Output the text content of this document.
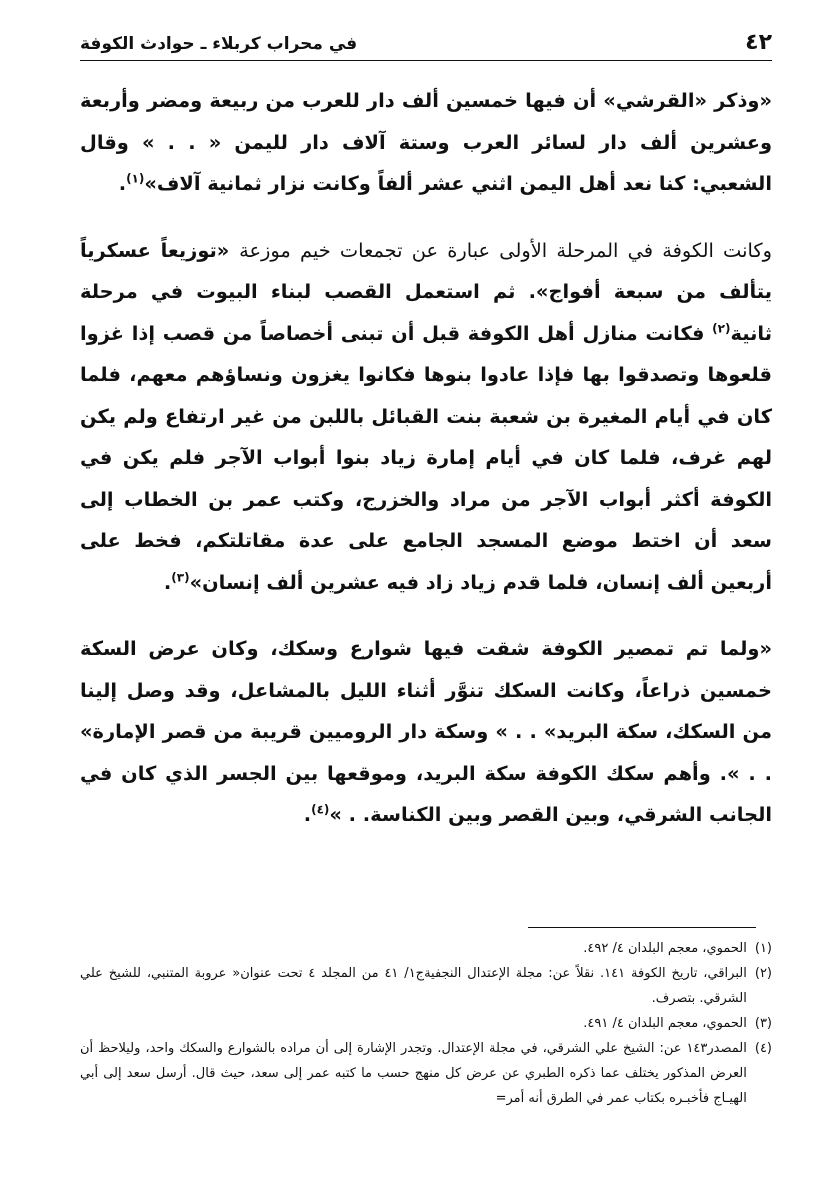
٤٢
في محراب كربلاء ـ حوادث الكوفة

«وذكر «القرشي» أن فيها خمسين ألف دار للعرب من ربيعة ومضر وأربعة وعشرين ألف دار لسائر العرب وستة آلاف دار لليمن « . . » وقال الشعبي: كنا نعد أهل اليمن اثني عشر ألفاً وكانت نزار ثمانية آلاف»$^{(١)}$.

وكانت الكوفة في المرحلة الأولى عبارة عن تجمعات خيم موزعة «توزيعاً عسكرياً يتألف من سبعة أفواج». ثم استعمل القصب لبناء البيوت في مرحلة ثانية$^{(٢)}$ فكانت منازل أهل الكوفة قبل أن تبنى أخصاصاً من قصب إذا غزوا قلعوها وتصدقوا بها فإذا عادوا بنوها فكانوا يغزون ونساؤهم معهم، فلما كان في أيام المغيرة بن شعبة بنت القبائل باللبن من غير ارتفاع ولم يكن لهم غرف، فلما كان في أيام إمارة زياد بنوا أبواب الآجر فلم يكن في الكوفة أكثر أبواب الآجر من مراد والخزرج، وكتب عمر بن الخطاب إلى سعد أن اختط موضع المسجد الجامع على عدة مقاتلتكم، فخط على أربعين ألف إنسان، فلما قدم زياد زاد فيه عشرين ألف إنسان»$^{(٣)}$.

«ولما تم تمصير الكوفة شقت فيها شوارع وسكك، وكان عرض السكة خمسين ذراعاً، وكانت السكك تنوَّر أثناء الليل بالمشاعل، وقد وصل إلينا من السكك، سكة البريد» . . » وسكة دار الروميين قريبة من قصر الإمارة» . . ». وأهم سكك الكوفة سكة البريد، وموقعها بين الجسر الذي كان في الجانب الشرقي، وبين القصر وبين الكناسة. . »$^{(٤)}$.

(١)
الحموي، معجم البلدان ٤/ ٤٩٢.
(٢)
البراقي، تاريخ الكوفة ١٤١. نقلاً عن: مجلة الإعتدال النجفيةج١/ ٤١ من المجلد ٤ تحت عنوان« عروبة المتنبي، للشيخ علي الشرقي. بتصرف.
(٣)
الحموي، معجم البلدان ٤/ ٤٩١.
(٤)
المصدر١٤٣ عن: الشيخ علي الشرقي، في مجلة الإعتدال. وتجدر الإشارة إلى أن مراده بالشوارع والسكك واحد، وليلاحظ أن العرض المذكور يختلف عما ذكره الطبري عن عرض كل منهج حسب ما كتبه عمر إلى سعد، حيث قال. أرسل سعد إلى أبي الهيـاج فأخبـره بكتاب عمر في الطرق أنه أمر=
